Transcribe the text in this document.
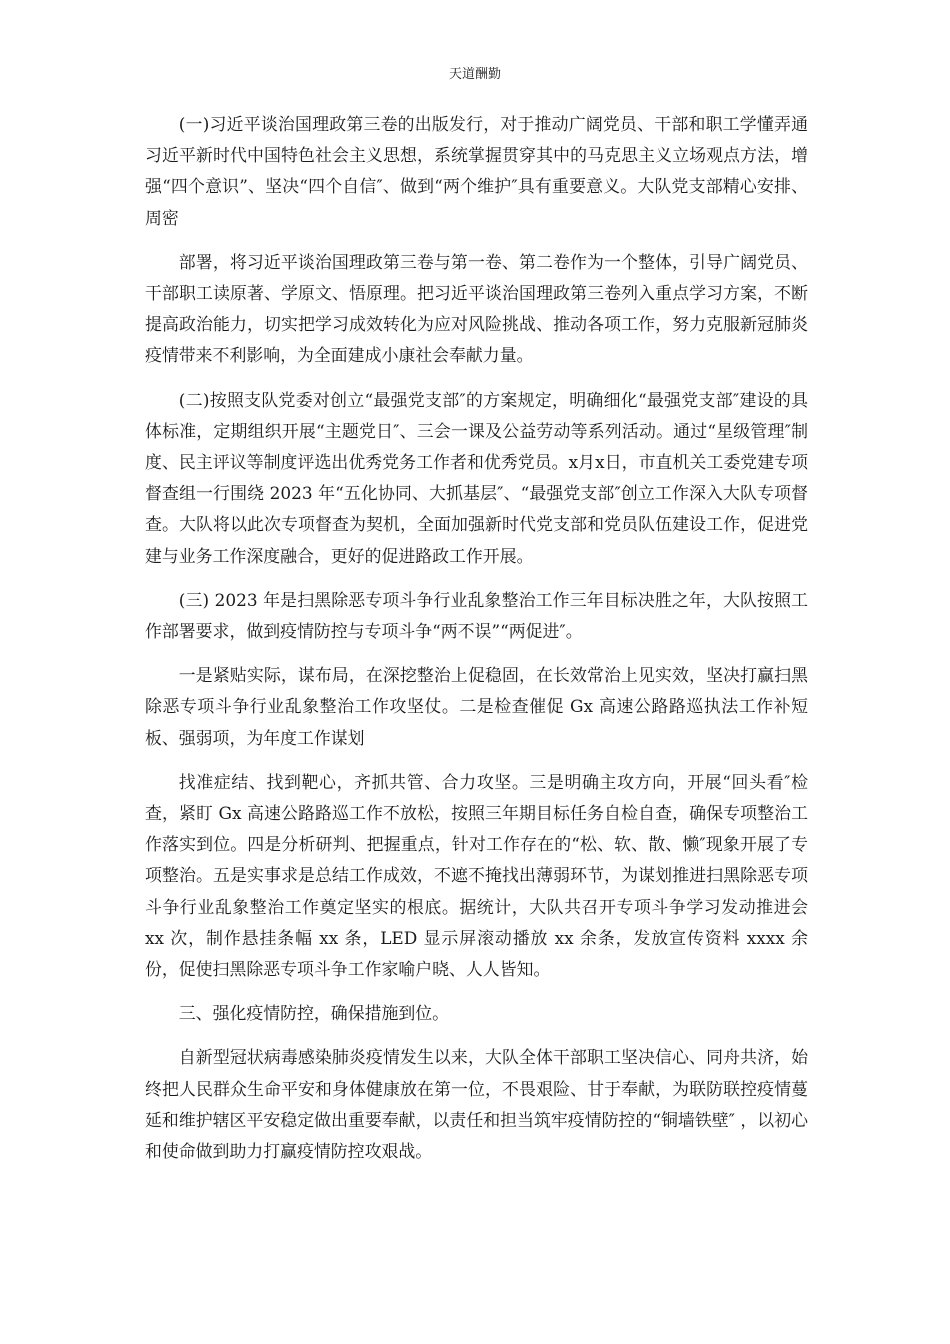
天道酬勤

(一)习近平谈治国理政第三卷的出版发行，对于推动广阔党员、干部和职工学懂弄通习近平新时代中国特色社会主义思想，系统掌握贯穿其中的马克思主义立场观点方法，增强“四个意识”、坚决“四个自信″、做到“两个维护″具有重要意义。大队党支部精心安排、周密

部署，将习近平谈治国理政第三卷与第一卷、第二卷作为一个整体，引导广阔党员、干部职工读原著、学原文、悟原理。把习近平谈治国理政第三卷列入重点学习方案，不断提高政治能力，切实把学习成效转化为应对风险挑战、推动各项工作，努力克服新冠肺炎疫情带来不利影响，为全面建成小康社会奉献力量。

(二)按照支队党委对创立“最强党支部″的方案规定，明确细化“最强党支部″建设的具体标准，定期组织开展“主题党日″、三会一课及公益劳动等系列活动。通过“星级管理″制度、民主评议等制度评选出优秀党务工作者和优秀党员。x月x日，市直机关工委党建专项督查组一行围绕 2023 年“五化协同、大抓基层″、“最强党支部″创立工作深入大队专项督查。大队将以此次专项督查为契机，全面加强新时代党支部和党员队伍建设工作，促进党建与业务工作深度融合，更好的促进路政工作开展。

(三) 2023 年是扫黑除恶专项斗争行业乱象整治工作三年目标决胜之年，大队按照工作部署要求，做到疫情防控与专项斗争“两不误”“两促进″。

一是紧贴实际，谋布局，在深挖整治上促稳固，在长效常治上见实效，坚决打赢扫黑除恶专项斗争行业乱象整治工作攻坚仗。二是检查催促 Gx 高速公路路巡执法工作补短板、强弱项，为年度工作谋划

找准症结、找到靶心，齐抓共管、合力攻坚。三是明确主攻方向，开展“回头看″检查，紧盯 Gx 高速公路路巡工作不放松，按照三年期目标任务自检自查，确保专项整治工作落实到位。四是分析研判、把握重点，针对工作存在的“松、软、散、懒″现象开展了专项整治。五是实事求是总结工作成效，不遮不掩找出薄弱环节，为谋划推进扫黑除恶专项斗争行业乱象整治工作奠定坚实的根底。据统计，大队共召开专项斗争学习发动推进会 xx 次，制作悬挂条幅 xx 条，LED 显示屏滚动播放 xx 余条，发放宣传资料 xxxx 余份，促使扫黑除恶专项斗争工作家喻户晓、人人皆知。

三、强化疫情防控，确保措施到位。

自新型冠状病毒感染肺炎疫情发生以来，大队全体干部职工坚决信心、同舟共济，始终把人民群众生命平安和身体健康放在第一位，不畏艰险、甘于奉献，为联防联控疫情蔓延和维护辖区平安稳定做出重要奉献，以责任和担当筑牢疫情防控的“铜墙铁壁″ ，以初心和使命做到助力打赢疫情防控攻艰战。
